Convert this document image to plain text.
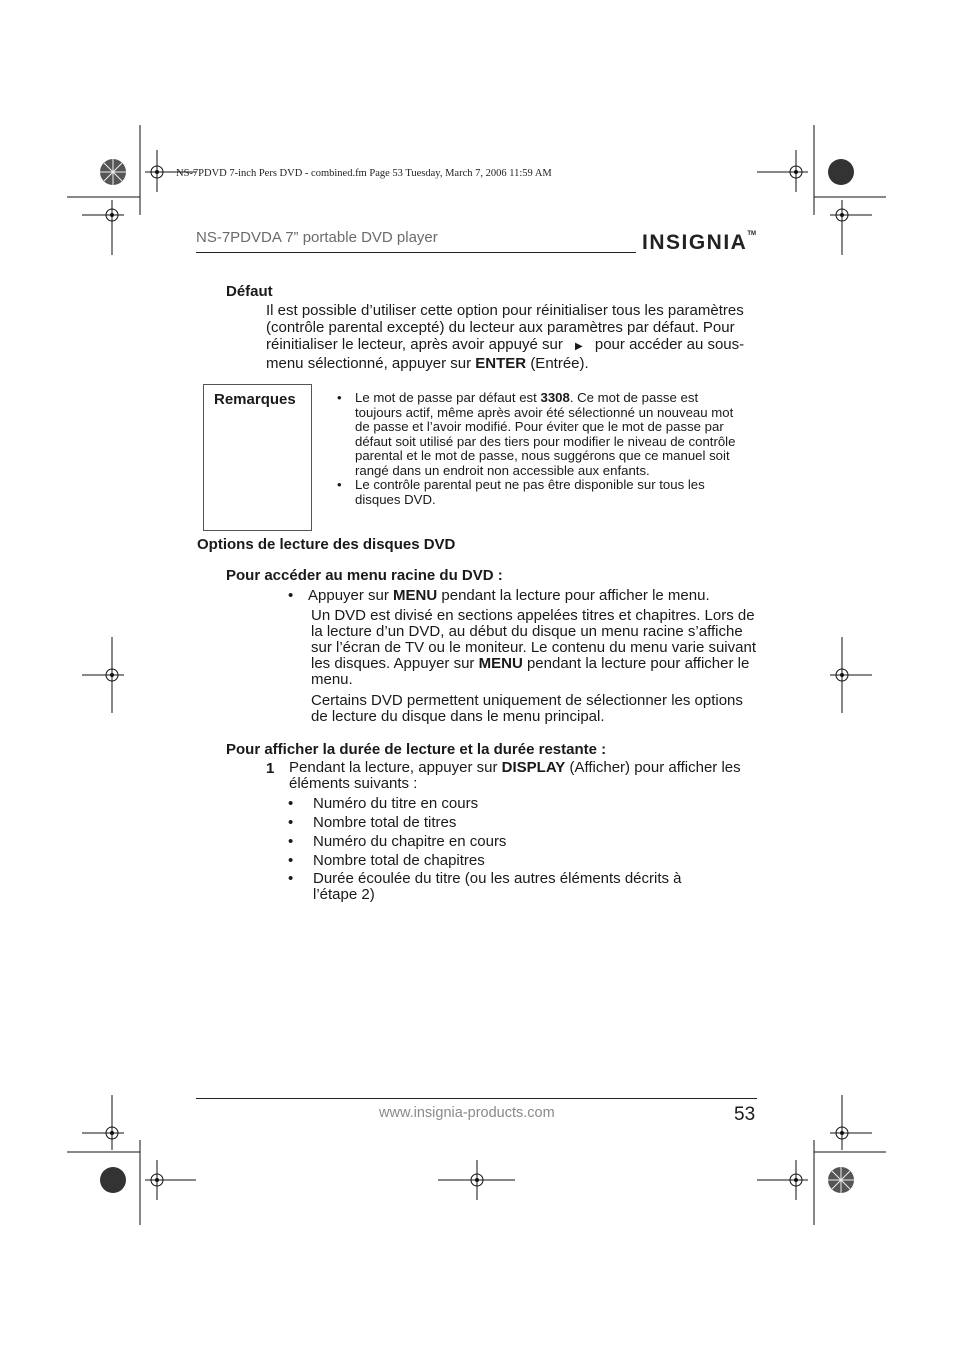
NS-7PDVD 7-inch Pers DVD - combined.fm Page 53 Tuesday, March 7, 2006 11:59 AM
NS-7PDVDA 7” portable DVD player	INSIGNIA™
Défaut
Il est possible d’utiliser cette option pour réinitialiser tous les paramètres (contrôle parental excepté) du lecteur aux paramètres par défaut. Pour réinitialiser le lecteur, après avoir appuyé sur ▶ pour accéder au sous-menu sélectionné, appuyer sur ENTER (Entrée).
Remarques
•	Le mot de passe par défaut est 3308. Ce mot de passe est toujours actif, même après avoir été sélectionné un nouveau mot de passe et l’avoir modifié. Pour éviter que le mot de passe par défaut soit utilisé par des tiers pour modifier le niveau de contrôle parental et le mot de passe, nous suggérons que ce manuel soit rangé dans un endroit non accessible aux enfants.
• Le contrôle parental peut ne pas être disponible sur tous les disques DVD.
Options de lecture des disques DVD
Pour accéder au menu racine du DVD :
• Appuyer sur MENU pendant la lecture pour afficher le menu.

Un DVD est divisé en sections appelées titres et chapitres. Lors de la lecture d’un DVD, au début du disque un menu racine s’affiche sur l’écran de TV ou le moniteur. Le contenu du menu varie suivant les disques. Appuyer sur MENU pendant la lecture pour afficher le menu.

Certains DVD permettent uniquement de sélectionner les options de lecture du disque dans le menu principal.

Pour afficher la durée de lecture et la durée restante :
1 Pendant la lecture, appuyer sur DISPLAY (Afficher) pour afficher les éléments suivants :
• Numéro du titre en cours
• Nombre total de titres
• Numéro du chapitre en cours
• Nombre total de chapitres
• Durée écoulée du titre (ou les autres éléments décrits à l’étape 2)
www.insignia-products.com	53
